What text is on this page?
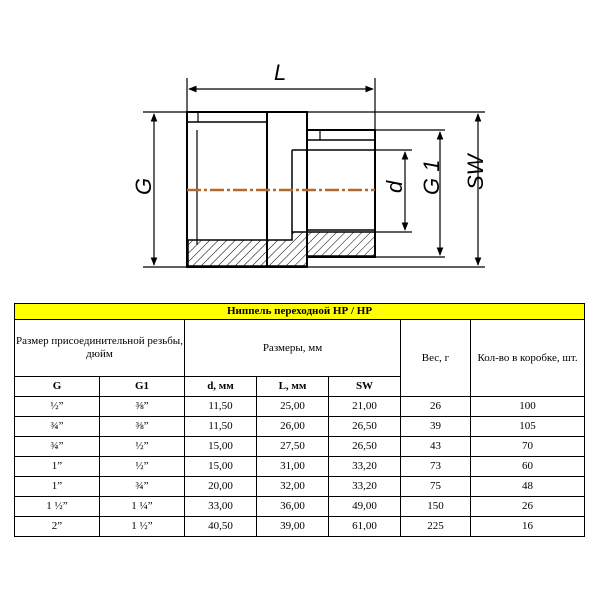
L
G	d G 1 SW
Ниппель переходной НР / НР						
Размер присоединительной резьбы, дюйм		Размеры, мм			Вес, г	Кол-во в коробке, шт.
G	G1	d, мм	L, мм	SW		
½”	⅜”	11,50	25,00	21,00	26	100
¾”	⅜”	11,50	26,00	26,50	39	105
¾”	½”	15,00	27,50	26,50	43	70
1”	½”	15,00	31,00	33,20	73	60
1”	¾”	20,00	32,00	33,20	75	48
1 ½”	1 ¼”	33,00	36,00	49,00	150	26
2”	1 ½”	40,50	39,00	61,00	225	16
